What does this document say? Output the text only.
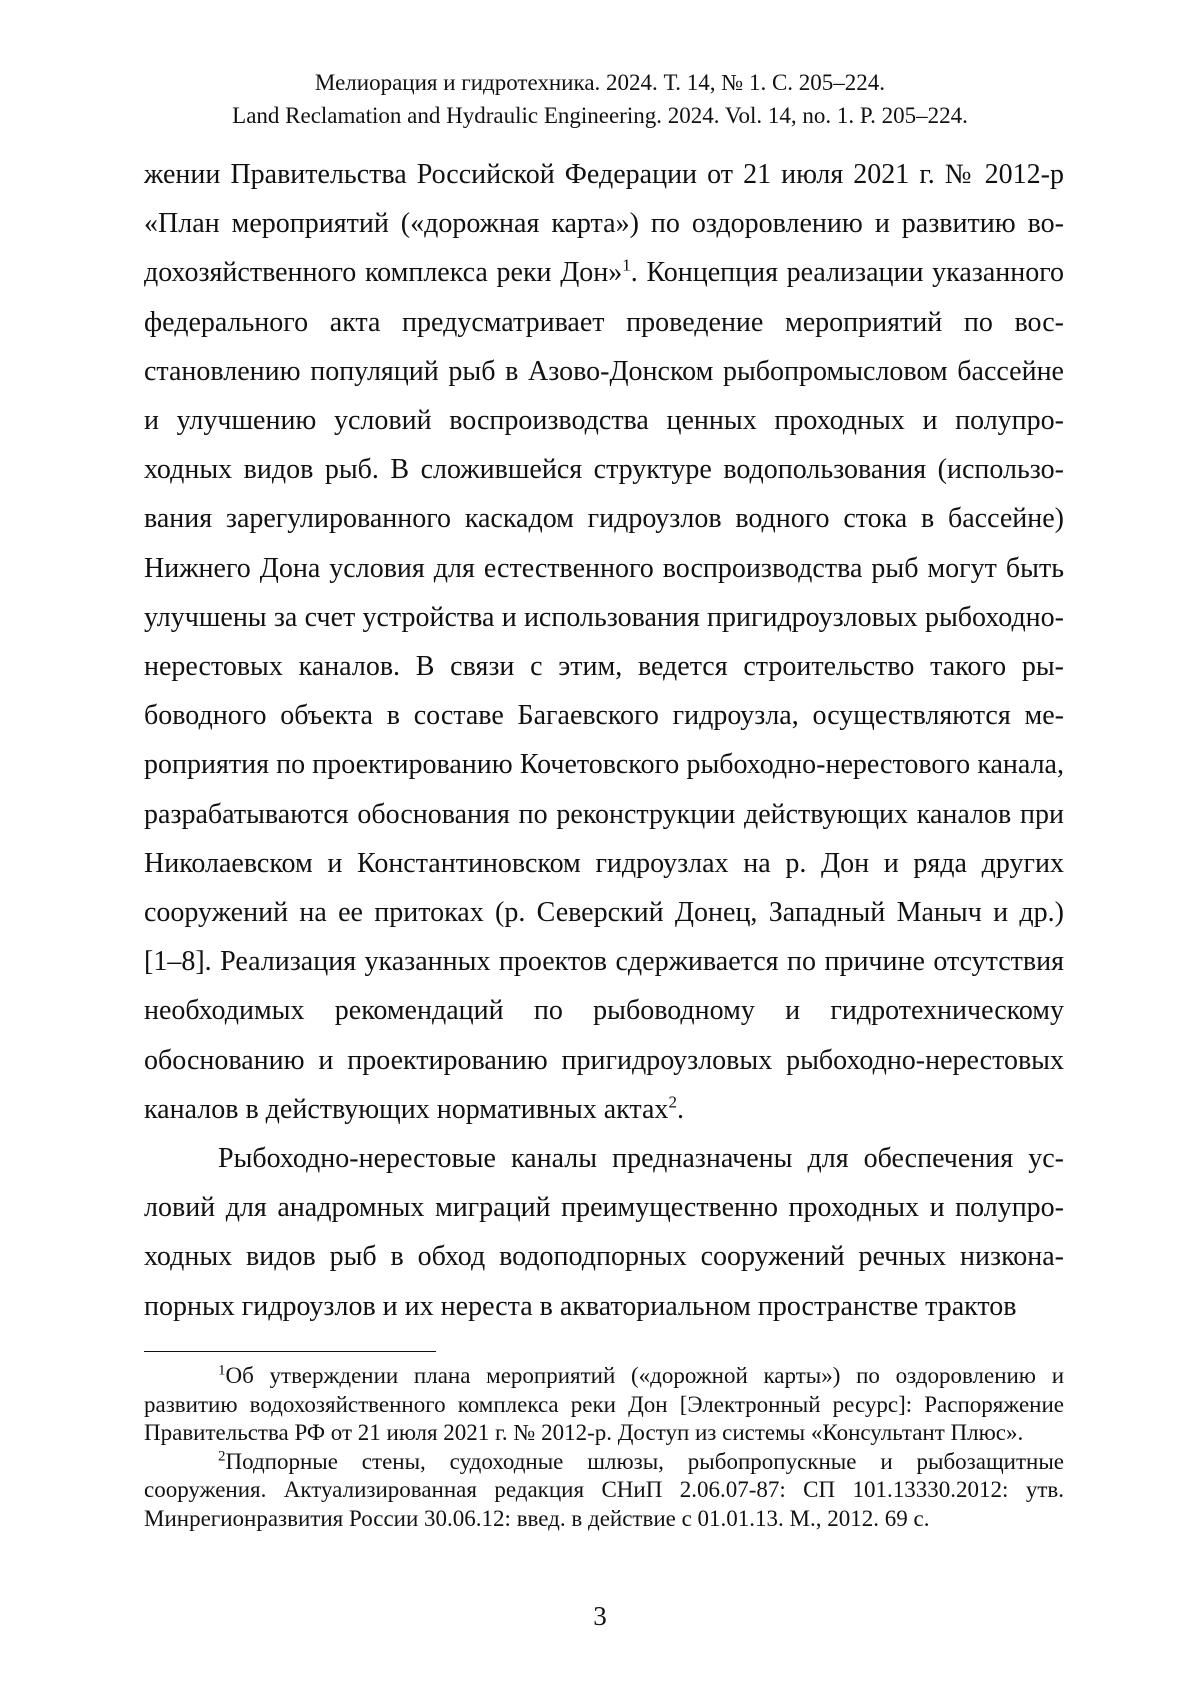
Мелиорация и гидротехника. 2024. Т. 14, № 1. С. 205–224.
Land Reclamation and Hydraulic Engineering. 2024. Vol. 14, no. 1. P. 205–224.

жении Правительства Российской Федерации от 21 июля 2021 г. № 2012-р «План мероприятий («дорожная карта») по оздоровлению и развитию водохозяйственного комплекса реки Дон»$^1$. Концепция реализации указанного федерального акта предусматривает проведение мероприятий по восстановлению популяций рыб в Азово-Донском рыбопромысловом бассейне и улучшению условий воспроизводства ценных проходных и полупроходных видов рыб. В сложившейся структуре водопользования (использования зарегулированного каскадом гидроузлов водного стока в бассейне) Нижнего Дона условия для естественного воспроизводства рыб могут быть улучшены за счет устройства и использования пригидроузловых рыбоходно-нерестовых каналов. В связи с этим, ведется строительство такого рыбоводного объекта в составе Багаевского гидроузла, осуществляются мероприятия по проектированию Кочетовского рыбоходно-нерестового канала, разрабатываются обоснования по реконструкции действующих каналов при Николаевском и Константиновском гидроузлах на р. Дон и ряда других сооружений на ее притоках (р. Северский Донец, Западный Маныч и др.) [1–8]. Реализация указанных проектов сдерживается по причине отсутствия необходимых рекомендаций по рыбоводному и гидротехническому обоснованию и проектированию пригидроузловых рыбоходно-нерестовых каналов в действующих нормативных актах$^2$.

Рыбоходно-нерестовые каналы предназначены для обеспечения условий для анадромных миграций преимущественно проходных и полупроходных видов рыб в обход водоподпорных сооружений речных низконапорных гидроузлов и их нереста в акваториальном пространстве трактов

$^1$Об утверждении плана мероприятий («дорожной карты») по оздоровлению и развитию водохозяйственного комплекса реки Дон [Электронный ресурс]: Распоряжение Правительства РФ от 21 июля 2021 г. № 2012-р. Доступ из системы «Консультант Плюс».

$^2$Подпорные стены, судоходные шлюзы, рыбопропускные и рыбозащитные сооружения. Актуализированная редакция СНиП 2.06.07-87: СП 101.13330.2012: утв. Минрегионразвития России 30.06.12: введ. в действие с 01.01.13. М., 2012. 69 с.

3
